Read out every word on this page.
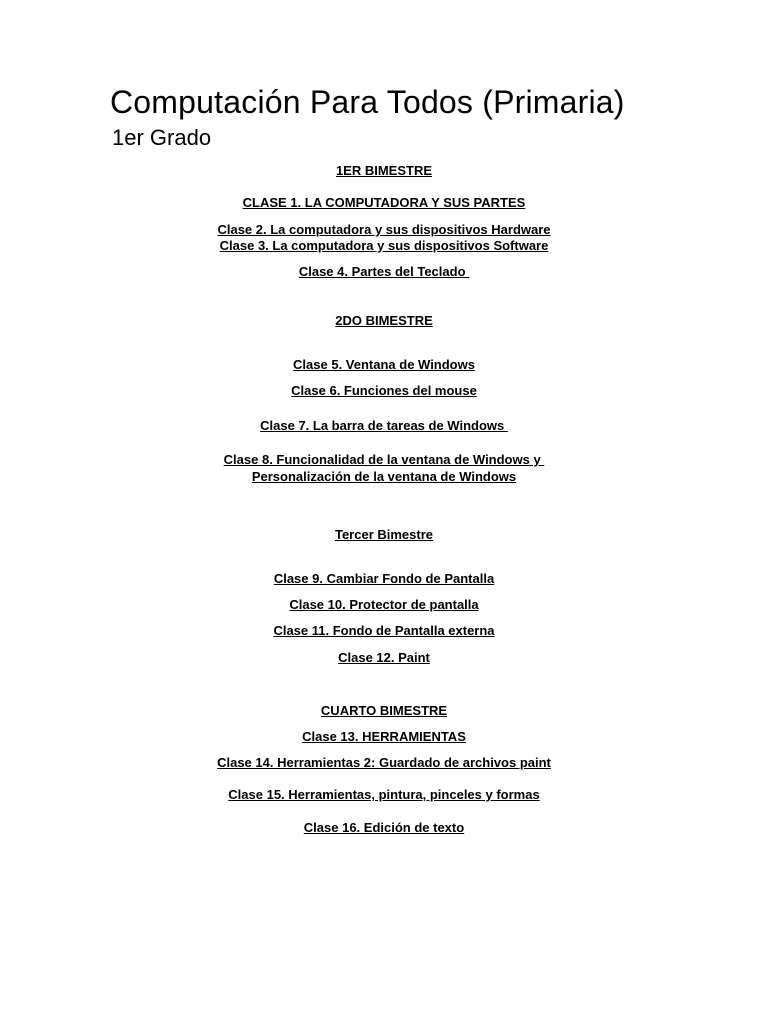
Computación Para Todos (Primaria)
1er Grado
1ER BIMESTRE
CLASE 1. LA COMPUTADORA Y SUS PARTES
Clase 2. La computadora y sus dispositivos Hardware
Clase 3. La computadora y sus dispositivos Software
Clase 4. Partes del Teclado
2DO BIMESTRE
Clase 5. Ventana de Windows
Clase 6. Funciones del mouse
Clase 7. La barra de tareas de Windows
Clase 8. Funcionalidad de la ventana de Windows y
Personalización de la ventana de Windows
Tercer Bimestre
Clase 9. Cambiar Fondo de Pantalla
Clase 10. Protector de pantalla
Clase 11. Fondo de Pantalla externa
Clase 12. Paint
CUARTO BIMESTRE
Clase 13. HERRAMIENTAS
Clase 14. Herramientas 2: Guardado de archivos paint
Clase 15. Herramientas, pintura, pinceles y formas
Clase 16. Edición de texto
